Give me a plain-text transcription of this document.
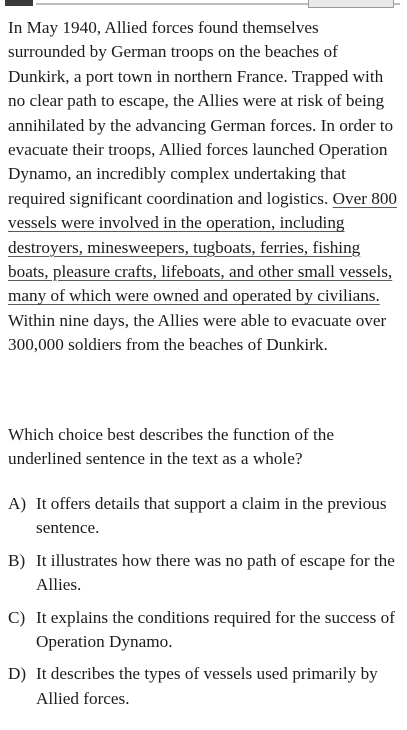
In May 1940, Allied forces found themselves surrounded by German troops on the beaches of Dunkirk, a port town in northern France. Trapped with no clear path to escape, the Allies were at risk of being annihilated by the advancing German forces. In order to evacuate their troops, Allied forces launched Operation Dynamo, an incredibly complex undertaking that required significant coordination and logistics. Over 800 vessels were involved in the operation, including destroyers, minesweepers, tugboats, ferries, fishing boats, pleasure crafts, lifeboats, and other small vessels, many of which were owned and operated by civilians. Within nine days, the Allies were able to evacuate over 300,000 soldiers from the beaches of Dunkirk.

Which choice best describes the function of the underlined sentence in the text as a whole?

A) It offers details that support a claim in the previous sentence.
B) It illustrates how there was no path of escape for the Allies.
C) It explains the conditions required for the success of Operation Dynamo.
D) It describes the types of vessels used primarily by Allied forces.
